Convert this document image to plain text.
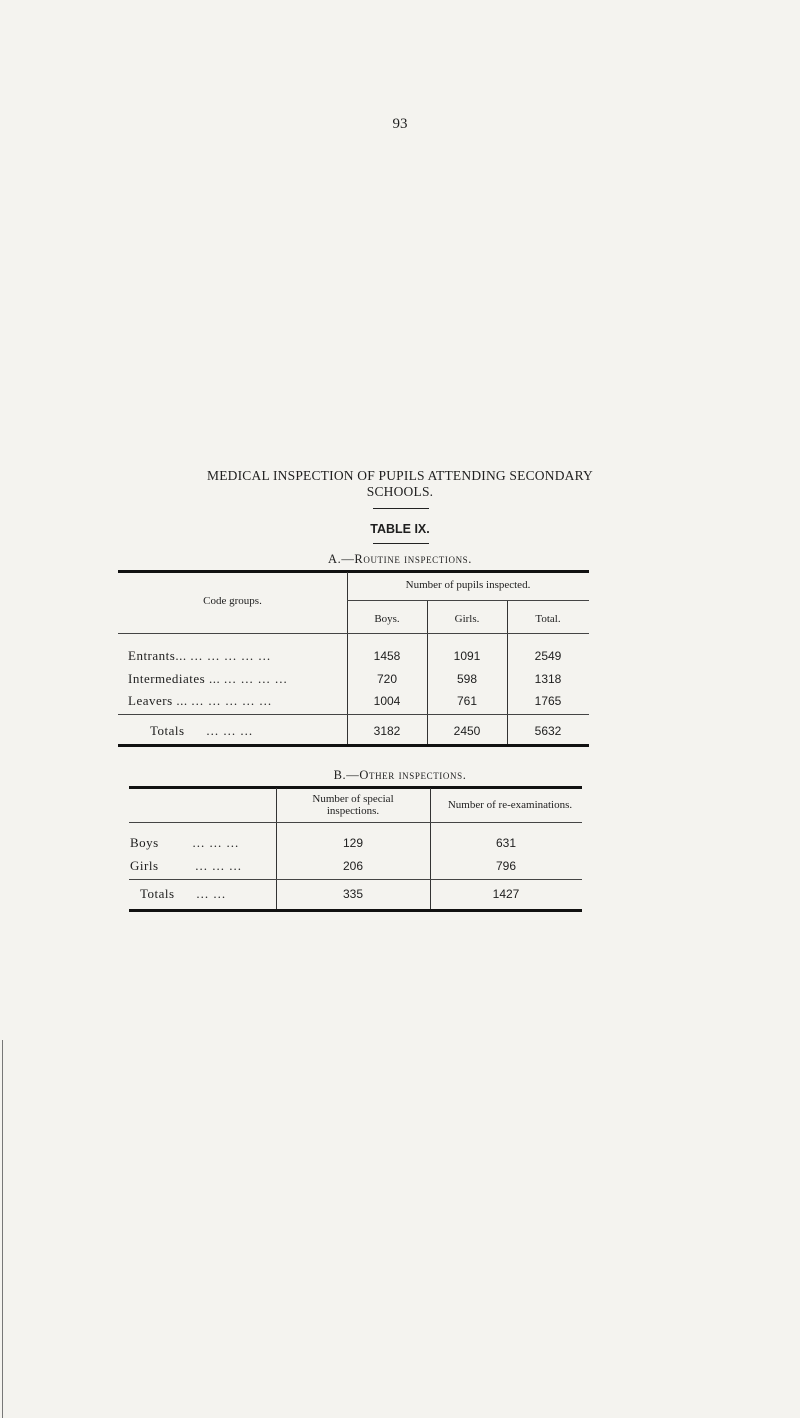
93
MEDICAL INSPECTION OF PUPILS ATTENDING SECONDARY
SCHOOLS.
TABLE IX.
A.—Routine inspections.
Code groups.
Number of pupils inspected.
Boys.	Girls.	Total.
Entrants... ... ... ... ... ...	1458	1091	2549
Intermediates ... ... ... ... ...	720	598	1318
Leavers ... ... ... ... ... ...	1004	761	1765
Totals ... ... ...	3182	2450	5632
B.—Other inspections.
Number of special
inspections.	Number of re-examinations.
Boys	... ... ...	129	631
Girls	... ... ...	206	796
Totals ... ...	335	1427
